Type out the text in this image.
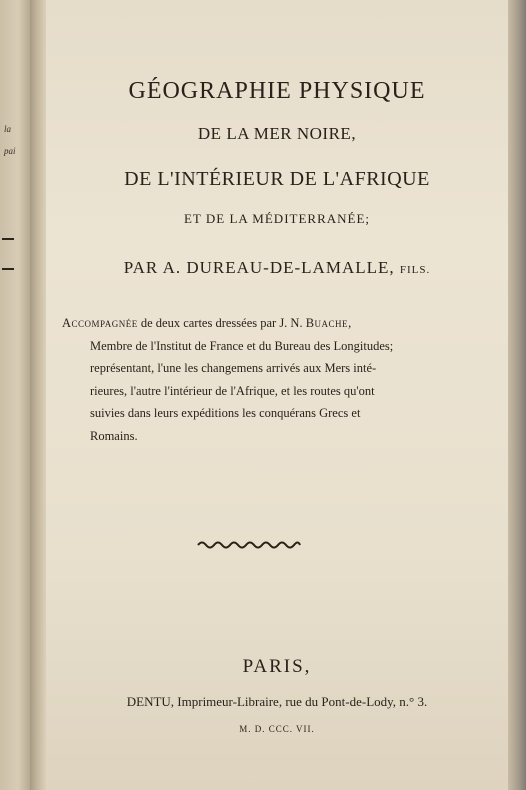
la
pai
GÉOGRAPHIE PHYSIQUE
DE LA MER NOIRE,
DE L'INTÉRIEUR DE L'AFRIQUE
ET DE LA MÉDITERRANÉE;
PAR A. DUREAU-DE-LAMALLE, FILS.
Accompagnée de deux cartes dressées par J. N. Buache,
Membre de l'Institut de France et du Bureau des Longitudes;
représentant, l'une les changemens arrivés aux Mers inté-
rieures, l'autre l'intérieur de l'Afrique, et les routes qu'ont
suivies dans leurs expéditions les conquérans Grecs et
Romains.
PARIS,
DENTU, Imprimeur-Libraire, rue du Pont-de-Lody, n.° 3.
M. D. CCC. VII.
